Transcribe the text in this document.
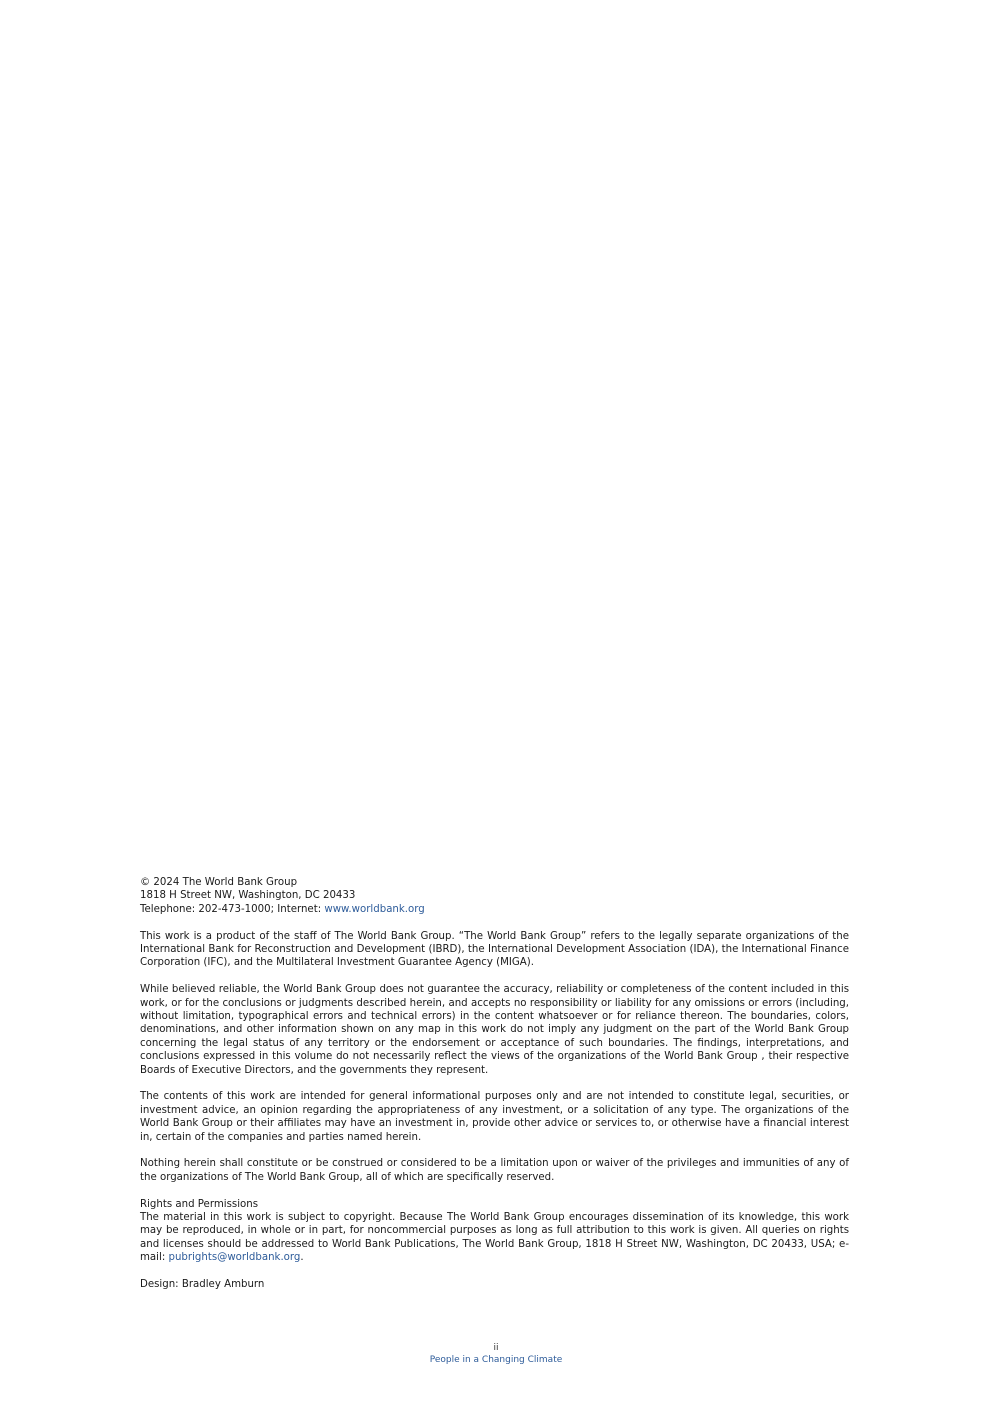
© 2024 The World Bank Group

1818 H Street NW, Washington, DC 20433

Telephone: 202-473-1000; Internet: www.worldbank.org

This work is a product of the staff of The World Bank Group. “The World Bank Group” refers to the legally separate organizations of the International Bank for Reconstruction and Development (IBRD), the International Development Association (IDA), the International Finance Corporation (IFC), and the Multilateral Investment Guarantee Agency (MIGA).

While believed reliable, the World Bank Group does not guarantee the accuracy, reliability or completeness of the content included in this work, or for the conclusions or judgments described herein, and accepts no responsibility or liability for any omissions or errors (including, without limitation, typographical errors and technical errors) in the content whatsoever or for reliance thereon. The boundaries, colors, denominations, and other information shown on any map in this work do not imply any judgment on the part of the World Bank Group concerning the legal status of any territory or the endorsement or acceptance of such boundaries. The findings, interpretations, and conclusions expressed in this volume do not necessarily reflect the views of the organizations of the World Bank Group , their respective Boards of Executive Directors, and the governments they represent.

The contents of this work are intended for general informational purposes only and are not intended to constitute legal, securities, or investment advice, an opinion regarding the appropriateness of any investment, or a solicitation of any type. The organizations of the World Bank Group or their affiliates may have an investment in, provide other advice or services to, or otherwise have a financial interest in, certain of the companies and parties named herein.

Nothing herein shall constitute or be construed or considered to be a limitation upon or waiver of the privileges and immunities of any of the organizations of The World Bank Group, all of which are specifically reserved.

Rights and Permissions

The material in this work is subject to copyright. Because The World Bank Group encourages dissemination of its knowledge, this work may be reproduced, in whole or in part, for noncommercial purposes as long as full attribution to this work is given. All queries on rights and licenses should be addressed to World Bank Publications, The World Bank Group, 1818 H Street NW, Washington, DC 20433, USA; e-mail: pubrights@worldbank.org.

Design: Bradley Amburn

ii
People in a Changing Climate
